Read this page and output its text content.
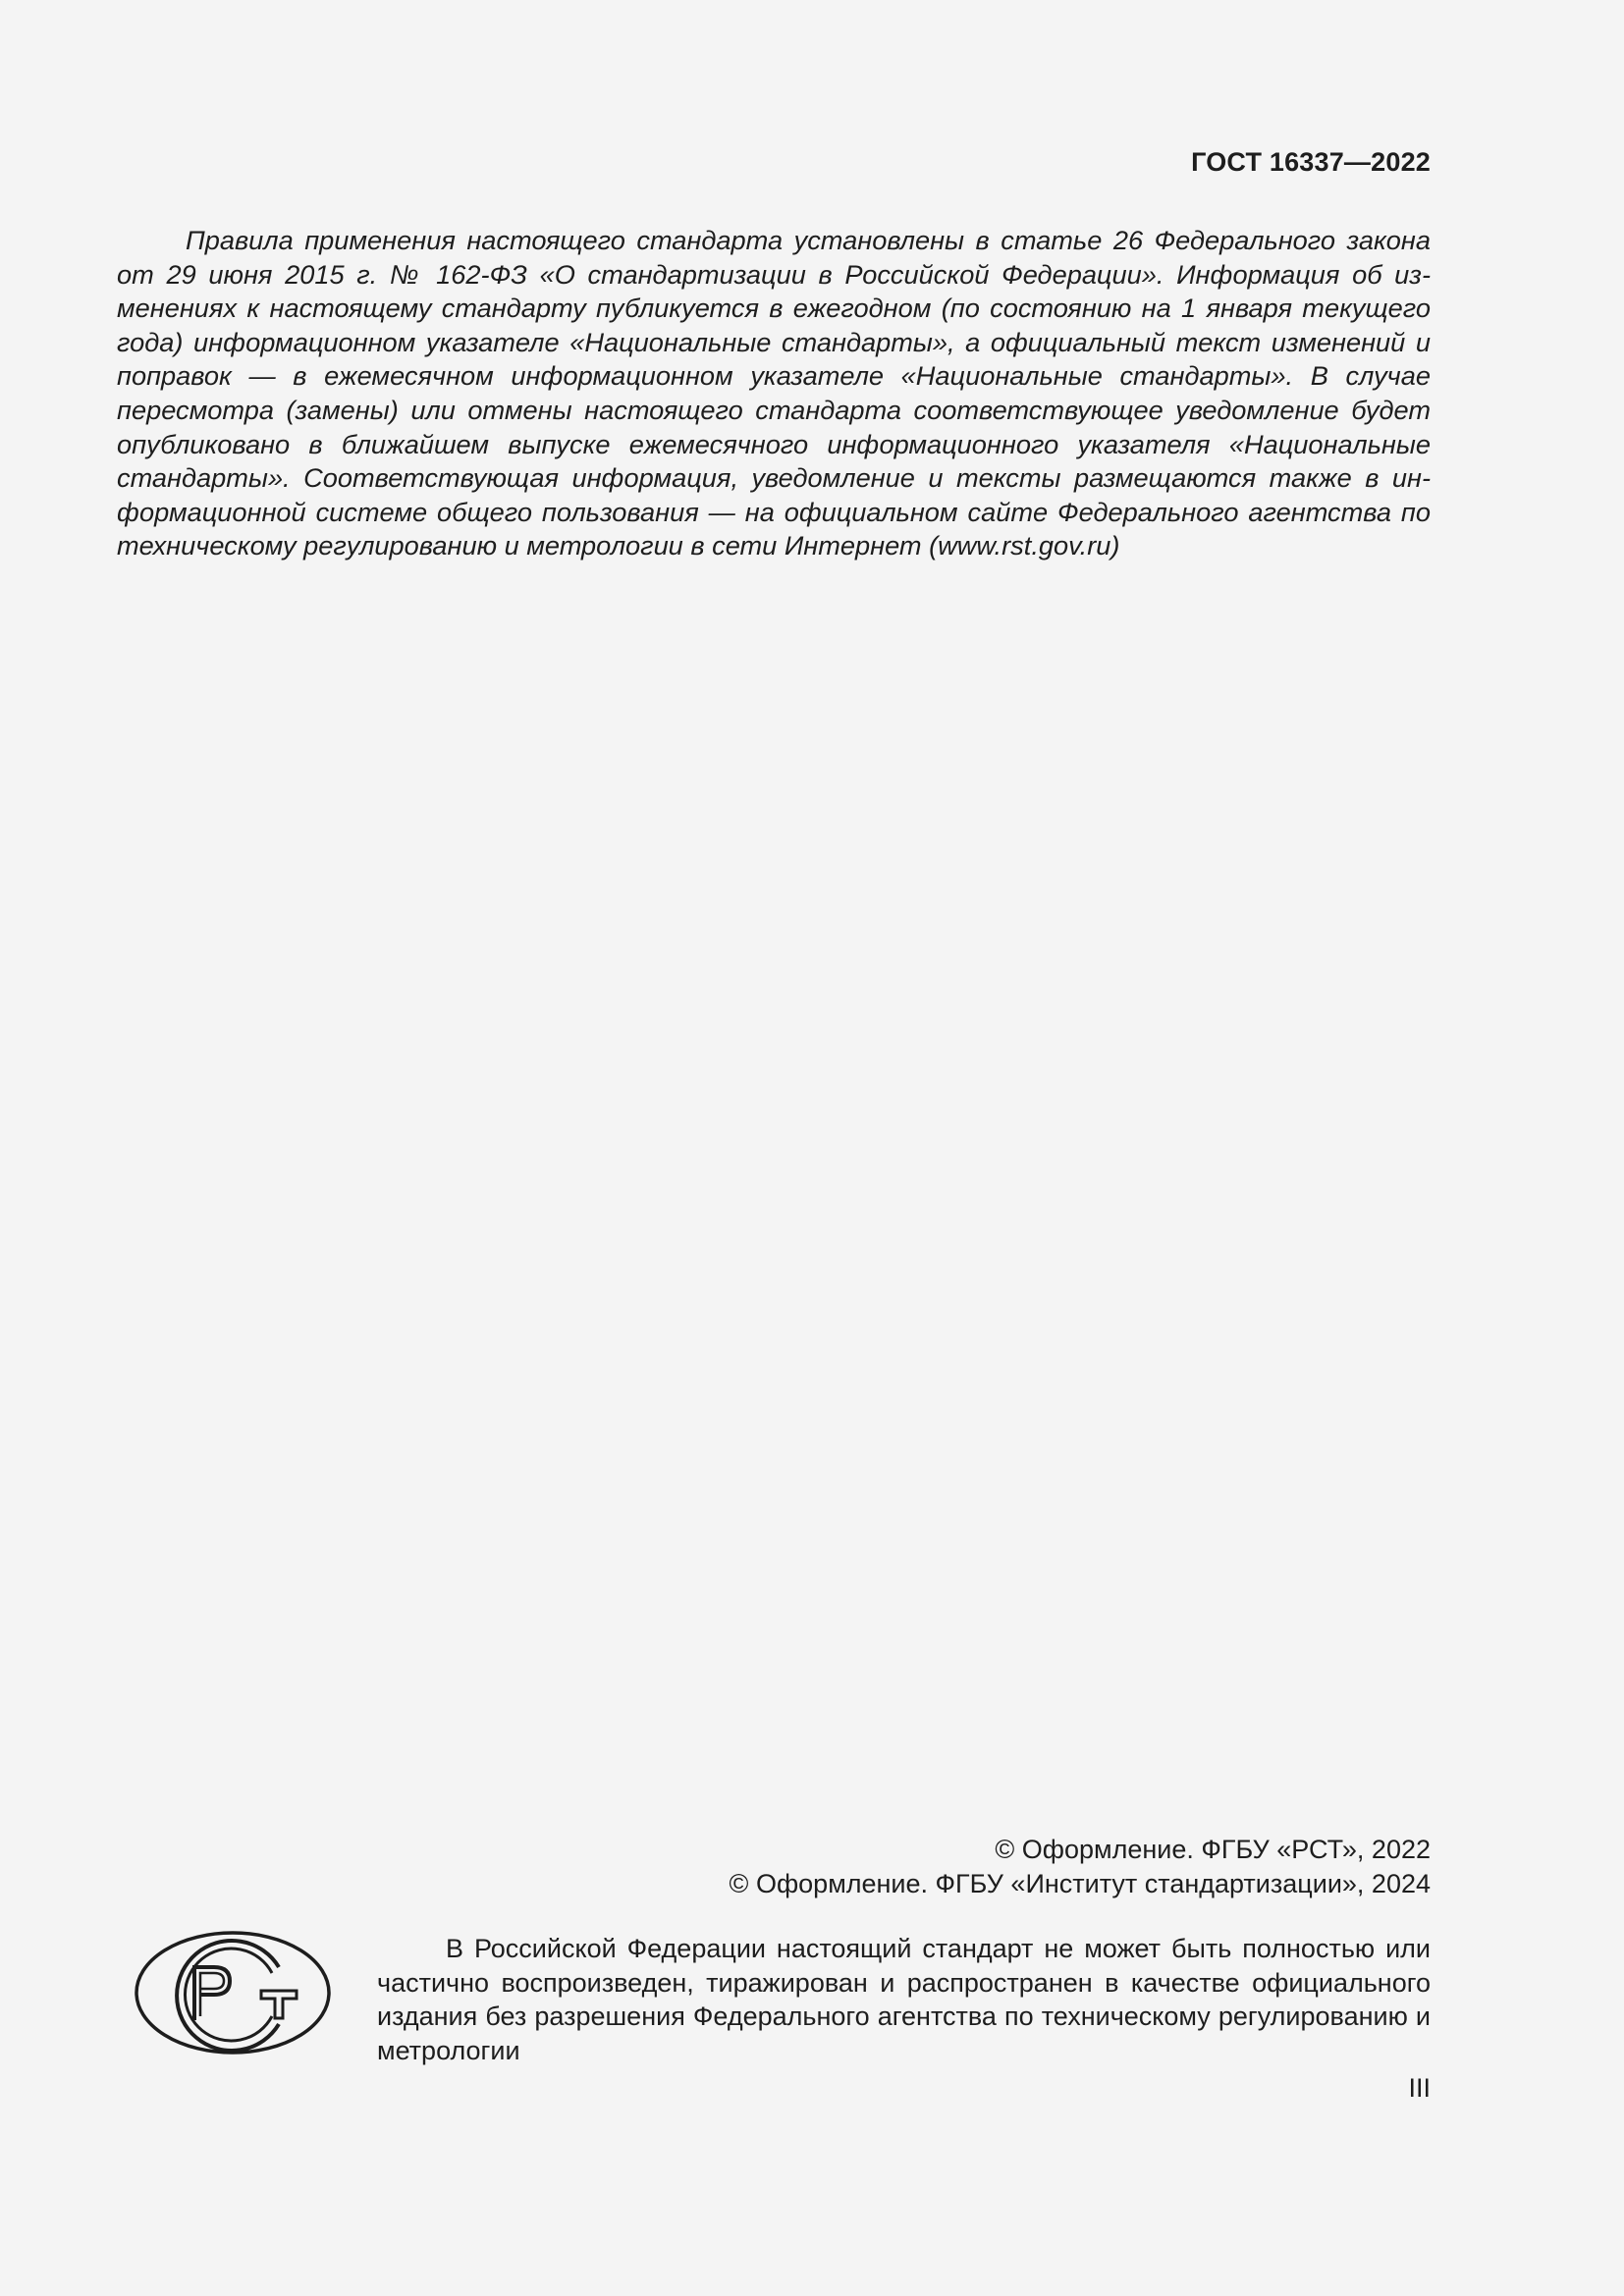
ГОСТ 16337—2022

Правила применения настоящего стандарта установлены в статье 26 Федерального закона от 29 июня 2015 г. № 162-ФЗ «О стандартизации в Российской Федерации». Информация об изменениях к настоящему стандарту публикуется в ежегодном (по состоянию на 1 января текущего года) информационном указателе «Национальные стандарты», а официальный текст изменений и поправок — в ежемесячном информационном указателе «Национальные стандарты». В случае пересмотра (замены) или отмены настоящего стандарта соответствующее уведомление будет опубликовано в ближайшем выпуске ежемесячного информационного указателя «Национальные стандарты». Соответствующая информация, уведомление и тексты размещаются также в информационной системе общего пользования — на официальном сайте Федерального агентства по техническому регулированию и метрологии в сети Интернет (www.rst.gov.ru)

© Оформление. ФГБУ «РСТ», 2022
© Оформление. ФГБУ «Институт стандартизации», 2024

В Российской Федерации настоящий стандарт не может быть полностью или частично воспроизведен, тиражирован и распространен в качестве официального издания без разрешения Федерального агентства по техническому регулированию и метрологии

III
